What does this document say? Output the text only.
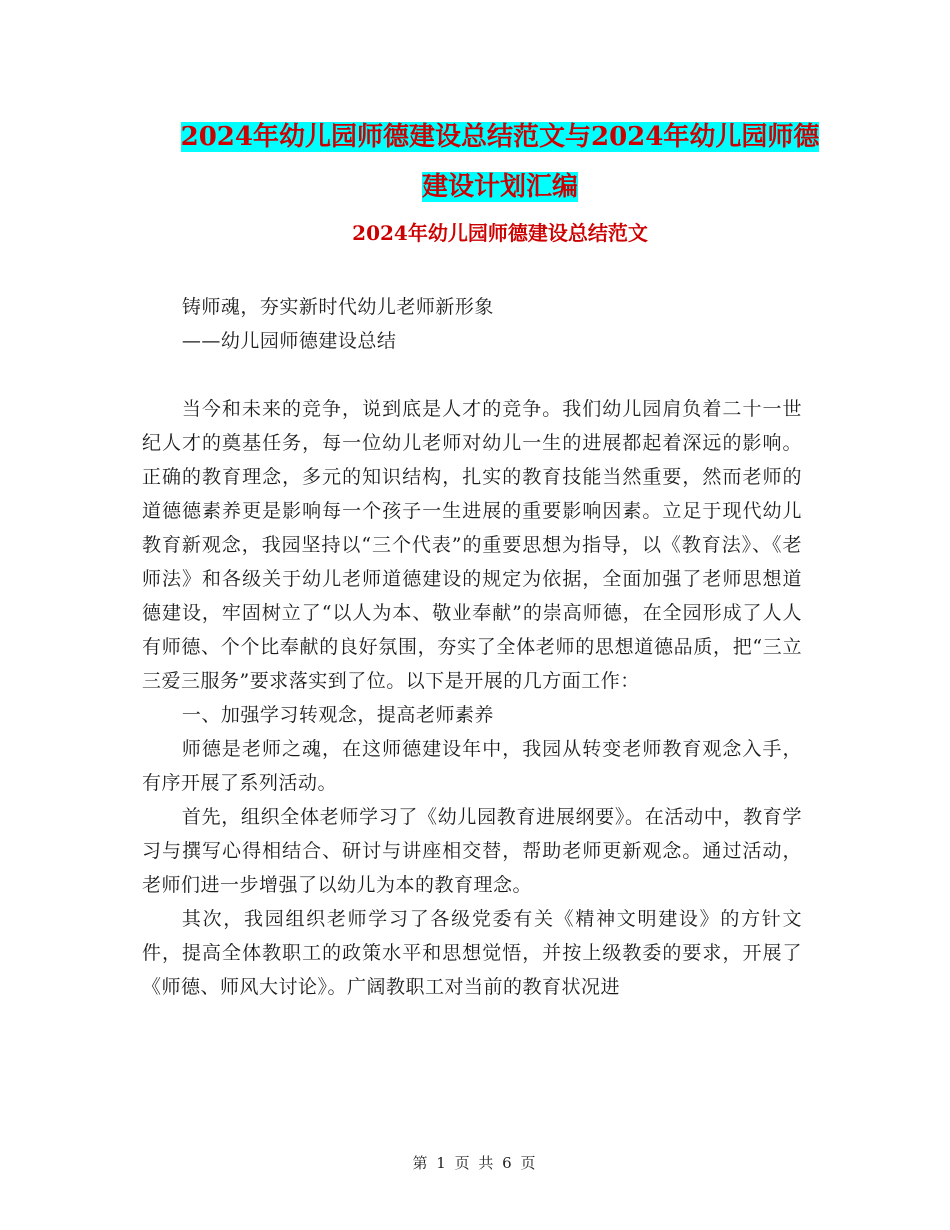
2024年幼儿园师德建设总结范文与2024年幼儿园师德
建设计划汇编
2024年幼儿园师德建设总结范文

铸师魂，夯实新时代幼儿老师新形象

——幼儿园师德建设总结

当今和未来的竞争，说到底是人才的竞争。我们幼儿园肩负着二十一世纪人才的奠基任务，每一位幼儿老师对幼儿一生的进展都起着深远的影响。正确的教育理念，多元的知识结构，扎实的教育技能当然重要，然而老师的道德德素养更是影响每一个孩子一生进展的重要影响因素。立足于现代幼儿教育新观念，我园坚持以“三个代表”的重要思想为指导，以《教育法》、《老师法》和各级关于幼儿老师道德建设的规定为依据，全面加强了老师思想道德建设，牢固树立了“以人为本、敬业奉献”的崇高师德，在全园形成了人人有师德、个个比奉献的良好氛围，夯实了全体老师的思想道德品质，把“三立三爱三服务”要求落实到了位。以下是开展的几方面工作：

一、加强学习转观念，提高老师素养

师德是老师之魂，在这师德建设年中，我园从转变老师教育观念入手，有序开展了系列活动。

首先，组织全体老师学习了《幼儿园教育进展纲要》。在活动中，教育学习与撰写心得相结合、研讨与讲座相交替，帮助老师更新观念。通过活动，老师们进一步增强了以幼儿为本的教育理念。

其次，我园组织老师学习了各级党委有关《精神文明建设》的方针文件，提高全体教职工的政策水平和思想觉悟，并按上级教委的要求，开展了《师德、师风大讨论》。广阔教职工对当前的教育状况进

第 1 页 共 6 页
